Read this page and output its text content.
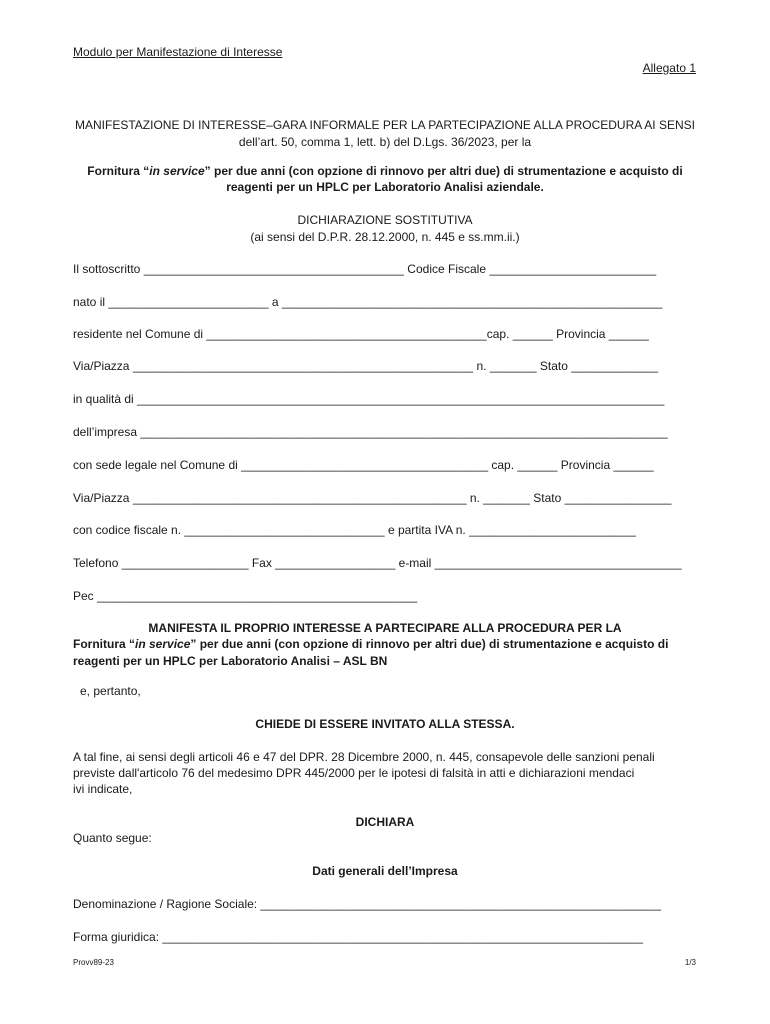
Modulo per Manifestazione di Interesse
Allegato 1
MANIFESTAZIONE DI INTERESSE–GARA INFORMALE PER LA PARTECIPAZIONE ALLA PROCEDURA AI SENSI
dell’art. 50, comma 1, lett. b) del D.Lgs. 36/2023, per la
Fornitura “in service” per due anni (con opzione di rinnovo per altri due) di strumentazione e acquisto di
reagenti per un HPLC per Laboratorio Analisi aziendale.
DICHIARAZIONE SOSTITUTIVA
(ai sensi del D.P.R. 28.12.2000, n. 445 e ss.mm.ii.)
Il sottoscritto _______________________________________ Codice Fiscale _________________________
nato il ________________________ a _________________________________________________________
residente nel Comune di __________________________________________cap. ______ Provincia ______
Via/Piazza ___________________________________________________ n. _______ Stato _____________
in qualità di _______________________________________________________________________________
dell’impresa _______________________________________________________________________________
con sede legale nel Comune di _____________________________________ cap. ______ Provincia ______
Via/Piazza __________________________________________________ n. _______ Stato ________________
con codice fiscale n. ______________________________ e partita IVA n. _________________________
Telefono ___________________ Fax __________________ e-mail _____________________________________
Pec ________________________________________________
MANIFESTA IL PROPRIO INTERESSE A PARTECIPARE ALLA PROCEDURA PER LA
Fornitura “in service” per due anni (con opzione di rinnovo per altri due) di strumentazione e acquisto di
reagenti per un HPLC per Laboratorio Analisi – ASL BN
e, pertanto,
CHIEDE DI ESSERE INVITATO ALLA STESSA.
A tal fine, ai sensi degli articoli 46 e 47 del DPR. 28 Dicembre 2000, n. 445, consapevole delle sanzioni penali
previste dall'articolo 76 del medesimo DPR 445/2000 per le ipotesi di falsità in atti e dichiarazioni mendaci
ivi indicate,
DICHIARA
Quanto segue:
Dati generali dell’Impresa
Denominazione / Ragione Sociale: ____________________________________________________________
Forma giuridica: ________________________________________________________________________
Provv89-23	1/3
